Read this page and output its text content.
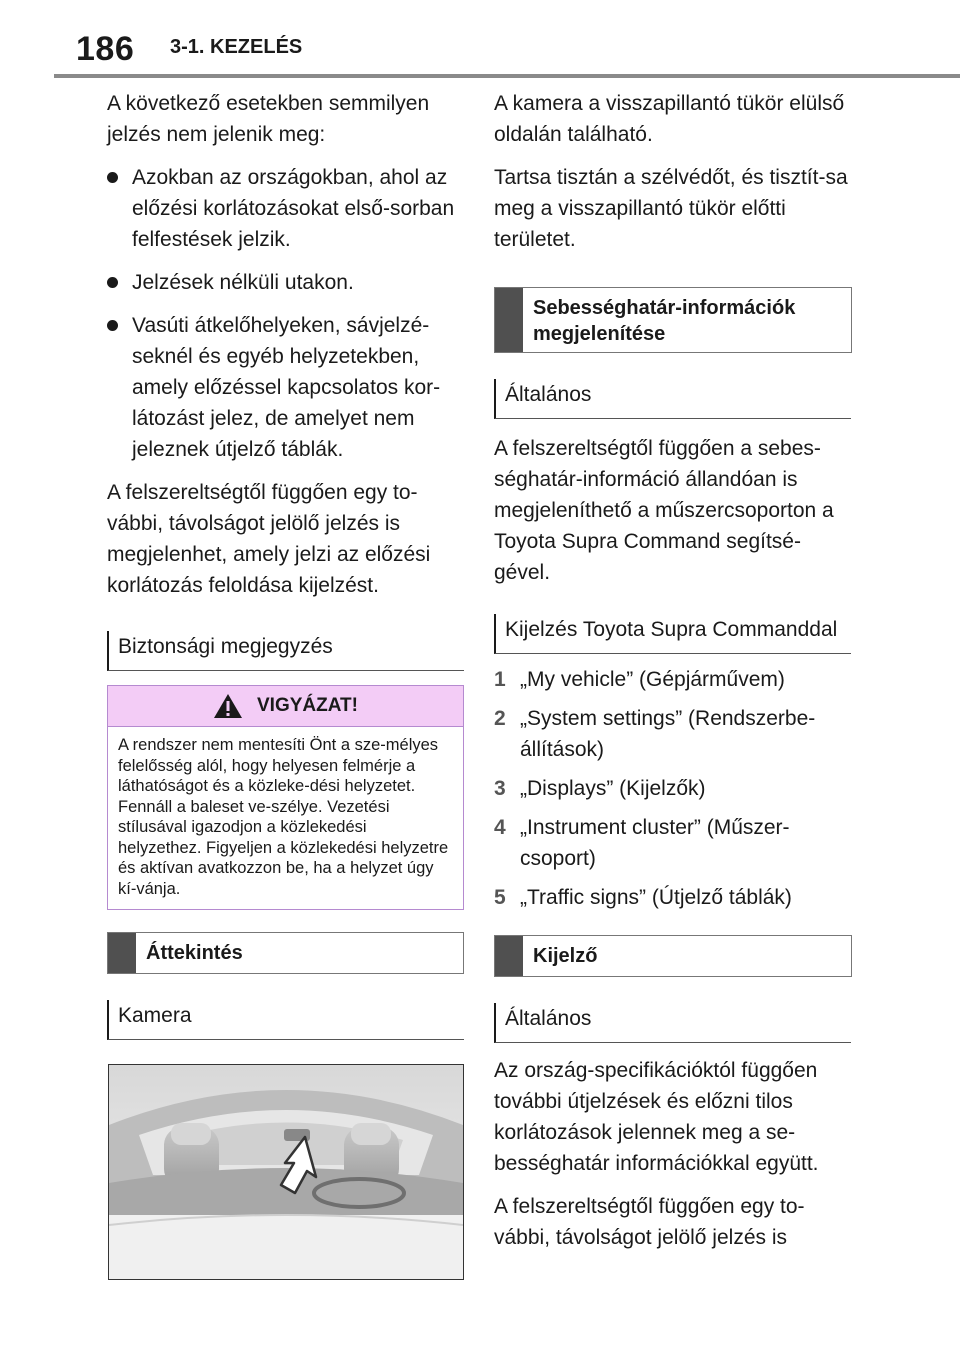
186 3-1. KEZELÉS

A következő esetekben semmilyen jelzés nem jelenik meg:

Azokban az országokban, ahol az előzési korlátozásokat első-sorban felfestések jelzik.
Jelzések nélküli utakon.
Vasúti átkelőhelyeken, sávjelzé-seknél és egyéb helyzetekben, amely előzéssel kapcsolatos kor-látozást jelez, de amelyet nem jeleznek útjelző táblák.

A felszereltségtől függően egy to-vábbi, távolságot jelölő jelzés is megjelenhet, amely jelzi az előzési korlátozás feloldása kijelzést.

Biztonsági megjegyzés
VIGYÁZAT!
A rendszer nem mentesíti Önt a sze-mélyes felelősség alól, hogy helyesen felmérje a láthatóságot és a közleke-dési helyzetet. Fennáll a baleset ve-szélye. Vezetési stílusával igazodjon a közlekedési helyzethez. Figyeljen a közlekedési helyzetre és aktívan avatkozzon be, ha a helyzet úgy kí-vánja.
Áttekintés
Kamera

A kamera a visszapillantó tükör elülső oldalán található.

Tartsa tisztán a szélvédőt, és tisztít-sa meg a visszapillantó tükör előtti területet.

Sebességhatár-információk megjelenítése
Általános

A felszereltségtől függően a sebes-séghatár-információ állandóan is megjeleníthető a műszercsoporton a Toyota Supra Command segítsé-gével.

Kijelzés Toyota Supra Commanddal
1 „My vehicle” (Gépjárművem)
2 „System settings” (Rendszerbe-állítások)
3 „Displays” (Kijelzők)
4 „Instrument cluster” (Műszer-csoport)
5 „Traffic signs” (Útjelző táblák)
Kijelző
Általános

Az ország-specifikációktól függően további útjelzések és előzni tilos korlátozások jelennek meg a se-bességhatár információkkal együtt.

A felszereltségtől függően egy to-vábbi, távolságot jelölő jelzés is
